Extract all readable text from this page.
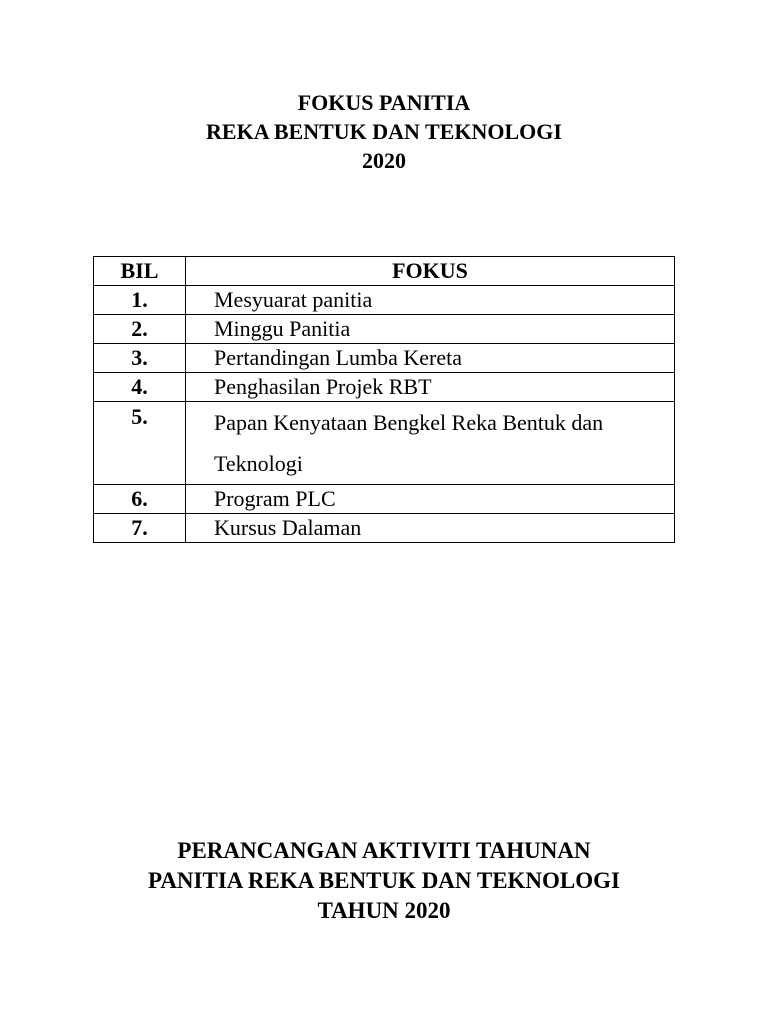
FOKUS PANITIA
REKA BENTUK DAN TEKNOLOGI
2020
BIL	FOKUS
1.	Mesyuarat panitia
2.	Minggu Panitia
3.	Pertandingan Lumba Kereta
4.	Penghasilan Projek RBT
5.	Papan Kenyataan Bengkel Reka Bentuk dan Teknologi
6.	Program PLC
7.	Kursus Dalaman
PERANCANGAN AKTIVITI TAHUNAN
PANITIA REKA BENTUK DAN TEKNOLOGI
TAHUN 2020
